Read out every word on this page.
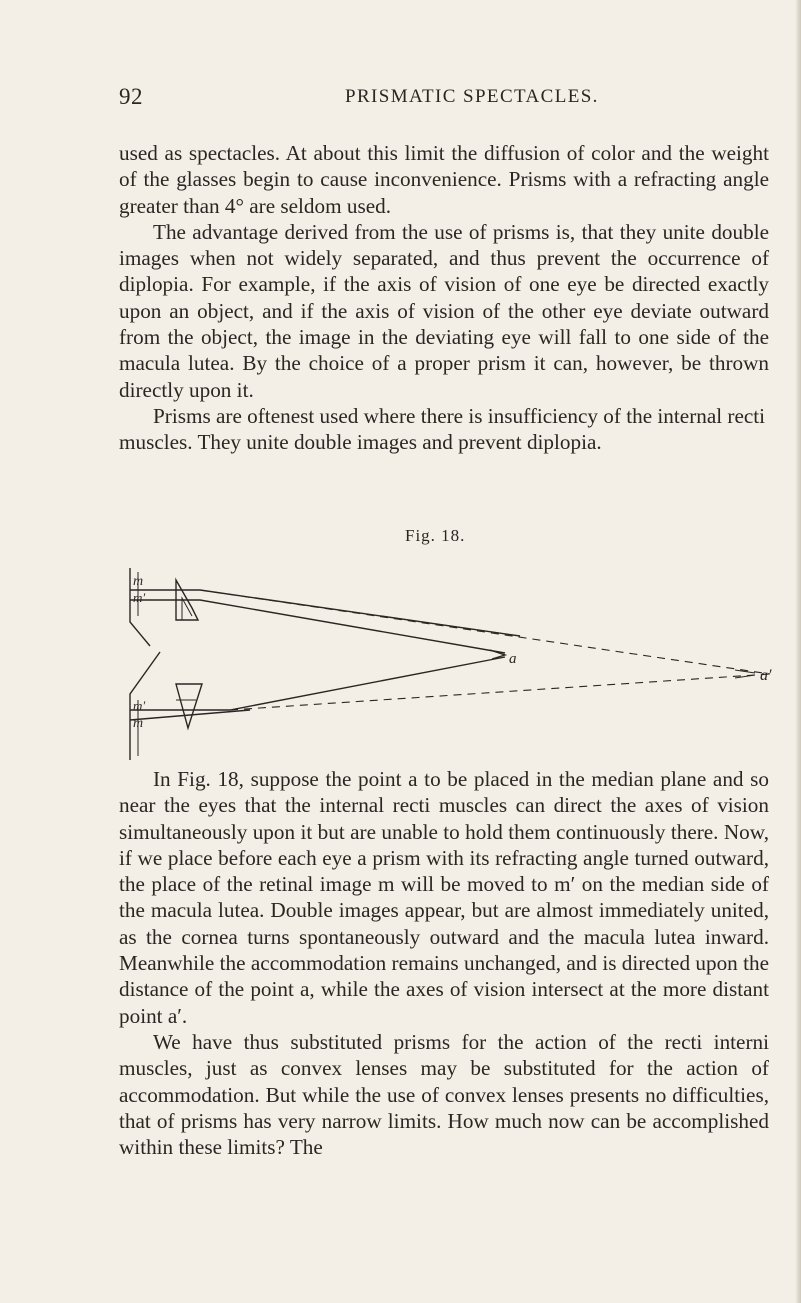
92	PRISMATIC SPECTACLES.

used as spectacles. At about this limit the diffusion of color and the weight of the glasses begin to cause inconvenience. Prisms with a refracting angle greater than 4° are seldom used.

The advantage derived from the use of prisms is, that they unite double images when not widely separated, and thus prevent the occurrence of diplopia. For example, if the axis of vision of one eye be directed exactly upon an object, and if the axis of vision of the other eye deviate outward from the object, the image in the deviating eye will fall to one side of the macula lutea. By the choice of a proper prism it can, however, be thrown directly upon it.

Prisms are oftenest used where there is insufficiency of the internal recti muscles. They unite double images and prevent diplopia.

Fig. 18.
m
m′
a
a′
m′
m

In Fig. 18, suppose the point a to be placed in the median plane and so near the eyes that the internal recti muscles can direct the axes of vision simultaneously upon it but are unable to hold them continuously there. Now, if we place before each eye a prism with its refracting angle turned outward, the place of the retinal image m will be moved to m′ on the median side of the macula lutea. Double images appear, but are almost immediately united, as the cornea turns spontaneously outward and the macula lutea inward. Meanwhile the accommodation remains unchanged, and is directed upon the distance of the point a, while the axes of vision intersect at the more distant point a′.

We have thus substituted prisms for the action of the recti interni muscles, just as convex lenses may be substituted for the action of accommodation. But while the use of convex lenses presents no difficulties, that of prisms has very narrow limits. How much now can be accomplished within these limits? The
